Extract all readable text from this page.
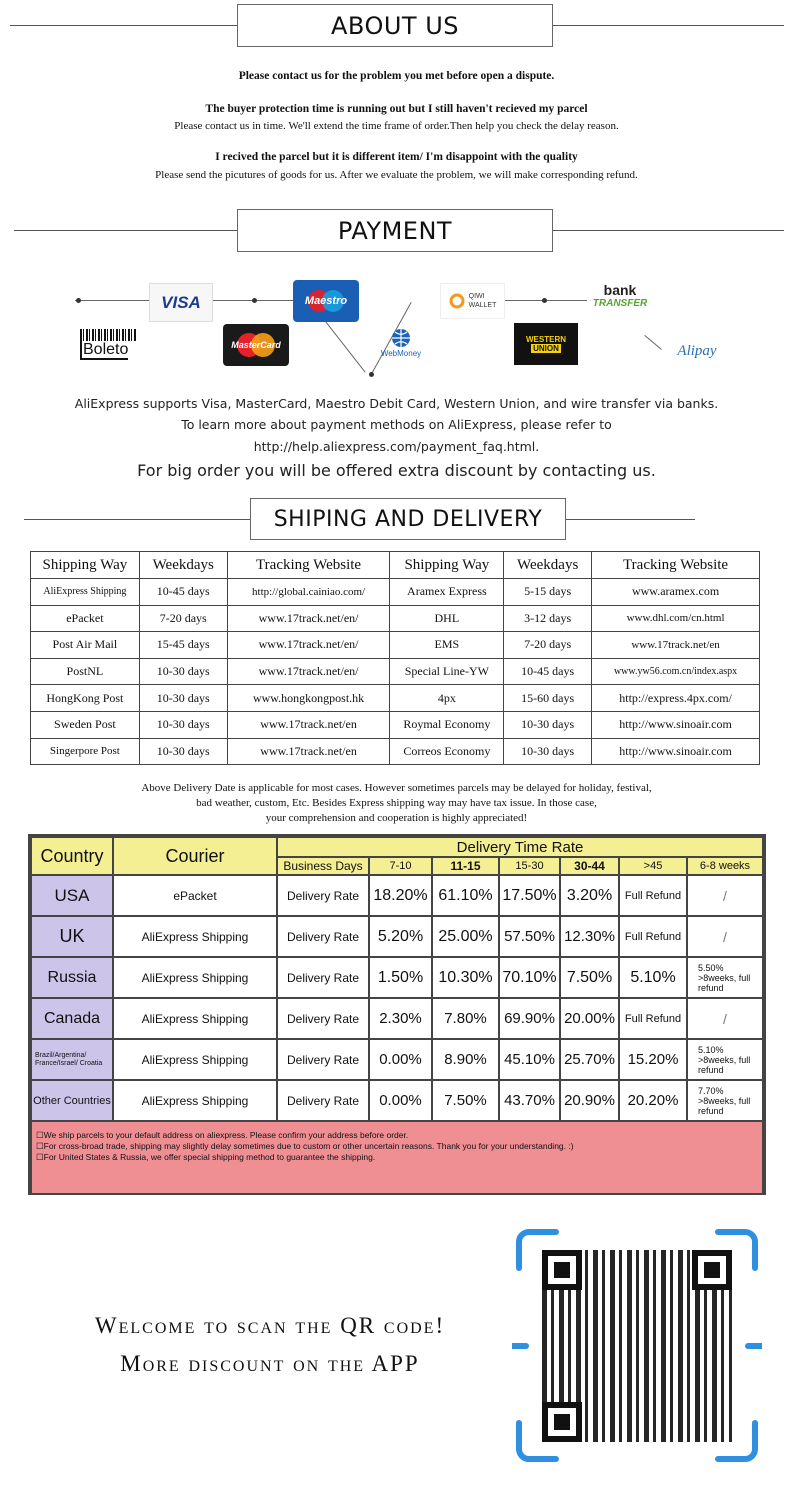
ABOUT US
Please contact us for the problem you met before open a dispute.
The buyer protection time is running out but I still haven't recieved my parcel
Please contact us in time. We'll extend the time frame of order.Then help you check the delay reason.
I recived the parcel but it is different item/ I'm disappoint with the quality
Please send the picutures of goods for us. After we evaluate the problem, we will make corresponding refund.
PAYMENT
VISA	Maestro	QIWI
WALLET
bank
TRANSFER
Boleto	MasterCard
WebMoney
WESTERN
UNION	Alipay
AliExpress supports Visa, MasterCard, Maestro Debit Card, Western Union, and wire transfer via banks.
To learn more about payment methods on AliExpress, please refer to
http://help.aliexpress.com/payment_faq.html.
For big order you will be offered extra discount by contacting us.
SHIPING AND DELIVERY
Shipping Way	Weekdays	Tracking Website	Shipping Way	Weekdays	Tracking Website
AliExpress Shipping	10-45 days	http://global.cainiao.com/	Aramex Express	5-15 days	www.aramex.com
ePacket	7-20 days	www.17track.net/en/	DHL	3-12 days	www.dhl.com/cn.html
Post Air Mail	15-45 days	www.17track.net/en/	EMS	7-20 days	www.17track.net/en
PostNL	10-30 days	www.17track.net/en/	Special Line-YW	10-45 days	www.yw56.com.cn/index.aspx
HongKong Post	10-30 days	www.hongkongpost.hk	4px	15-60 days	http://express.4px.com/
Sweden Post	10-30 days	www.17track.net/en	Roymal Economy	10-30 days	http://www.sinoair.com
Singerpore Post	10-30 days	www.17track.net/en	Correos Economy	10-30 days	http://www.sinoair.com
Above Delivery Date is applicable for most cases. However sometimes parcels may be delayed for holiday, festival,
bad weather, custom, Etc. Besides Express shipping way may have tax issue. In those case,
your comprehension and cooperation is highly appreciated!
Country	Courier	Delivery Time Rate						
		Business Days	7-10	11-15	15-30	30-44	>45	6-8 weeks
USA	ePacket	Delivery Rate	18.20%	61.10%	17.50%	3.20%	Full Refund	/
UK	AliExpress Shipping	Delivery Rate	5.20%	25.00%	57.50%	12.30%	Full Refund	/
Russia	AliExpress Shipping	Delivery Rate	1.50%	10.30%	70.10%	7.50%	5.10%	5.50% >8weeks, full refund
Canada	AliExpress Shipping	Delivery Rate	2.30%	7.80%	69.90%	20.00%	Full Refund	/
Brazil/Argentina/ France/Israel/ Croatia	AliExpress Shipping	Delivery Rate	0.00%	8.90%	45.10%	25.70%	15.20%	5.10% >8weeks, full refund
Other Countries	AliExpress Shipping	Delivery Rate	0.00%	7.50%	43.70%	20.90%	20.20%	7.70% >8weeks, full refund

☐We ship parcels to your default address on aliexpress. Please confirm your address before order.
☐For cross-broad trade, shipping may slightly delay sometimes due to custom or other uncertain reasons. Thank you for your understanding. :)
☐For United States & Russia, we offer special shipping method to guarantee the shipping.								
Welcome to scan the QR code!
More discount on the APP
